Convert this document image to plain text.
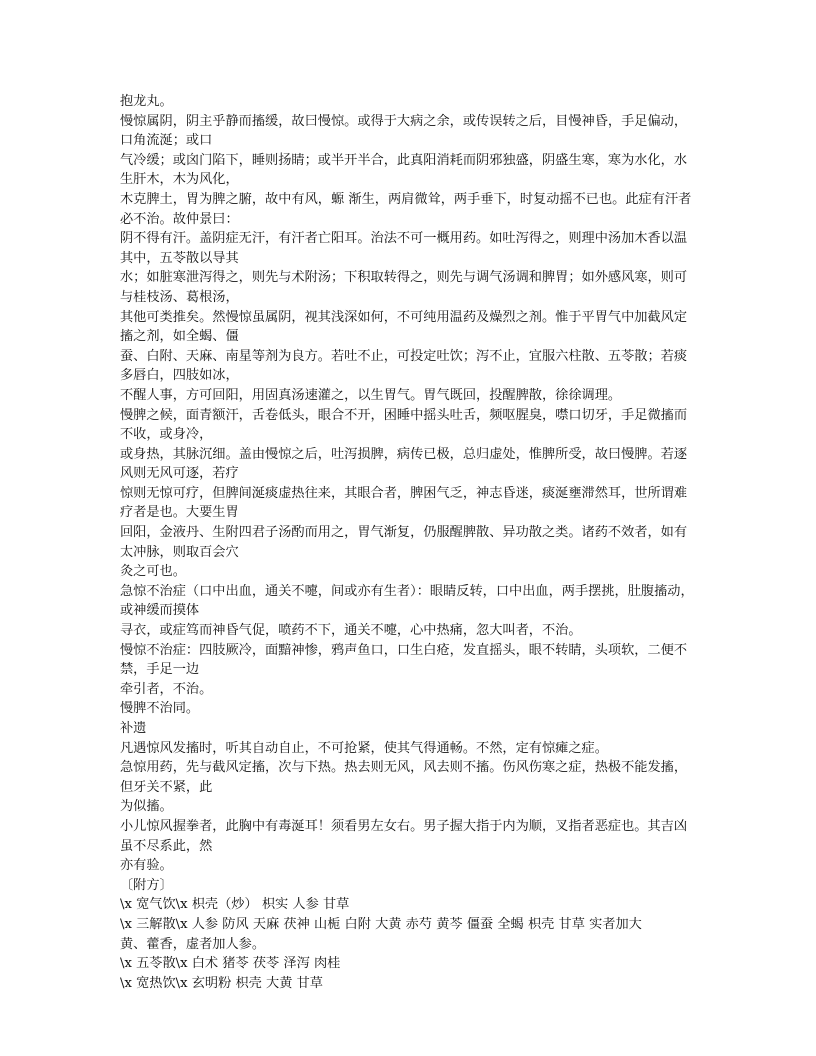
抱龙丸。

慢惊属阴，阴主乎静而搐缓，故曰慢惊。或得于大病之余，或传误转之后，目慢神昏，手足偏动，口角流涎；或口

气冷缓；或囟门陷下，睡则扬睛；或半开半合，此真阳消耗而阴邪独盛，阴盛生寒，寒为水化，水生肝木，木为风化，

木克脾土，胃为脾之腑，故中有风，螈 渐生，两肩微耸，两手垂下，时复动摇不已也。此症有汗者必不治。故仲景曰：

阴不得有汗。盖阴症无汗，有汗者亡阳耳。治法不可一概用药。如吐泻得之，则理中汤加木香以温其中，五苓散以导其

水；如脏寒泄泻得之，则先与术附汤；下积取转得之，则先与调气汤调和脾胃；如外感风寒，则可与桂枝汤、葛根汤，

其他可类推矣。然慢惊虽属阴，视其浅深如何，不可纯用温药及燥烈之剂。惟于平胃气中加截风定搐之剂，如全蝎、僵

蚕、白附、天麻、南星等剂为良方。若吐不止，可投定吐饮；泻不止，宜服六柱散、五苓散；若痰多唇白，四肢如冰，

不醒人事，方可回阳，用固真汤速灌之，以生胃气。胃气既回，投醒脾散，徐徐调理。

慢脾之候，面青额汗，舌卷低头，眼合不开，困睡中摇头吐舌，频呕腥臭，噤口切牙，手足微搐而不收，或身冷，

或身热，其脉沉细。盖由慢惊之后，吐泻损脾，病传已极，总归虚处，惟脾所受，故曰慢脾。若逐风则无风可逐，若疗

惊则无惊可疗，但脾间涎痰虚热往来，其眼合者，脾困气乏，神志昏迷，痰涎壅滞然耳，世所谓难疗者是也。大要生胃

回阳，金液丹、生附四君子汤酌而用之，胃气渐复，仍服醒脾散、异功散之类。诸药不效者，如有太冲脉，则取百会穴

灸之可也。

急惊不治症（口中出血，通关不嚏，间或亦有生者）：眼睛反转，口中出血，两手摆挑，肚腹搐动，或神缓而摸体

寻衣，或症笃而神昏气促，喷药不下，通关不嚏，心中热痛，忽大叫者，不治。

慢惊不治症：四肢厥冷，面黯神惨，鸦声鱼口，口生白疮，发直摇头，眼不转睛，头项软，二便不禁，手足一边

牵引者，不治。

慢脾不治同。

补遗

凡遇惊风发搐时，听其自动自止，不可抢紧，使其气得通畅。不然，定有惊瘫之症。

急惊用药，先与截风定搐，次与下热。热去则无风，风去则不搐。伤风伤寒之症，热极不能发搐，但牙关不紧，此

为似搐。

小儿惊风握拳者，此胸中有毒涎耳！须看男左女右。男子握大指于内为顺，叉指者恶症也。其吉凶虽不尽系此，然

亦有验。

〔附方〕

\x 宽气饮\x 枳壳（炒） 枳实 人参 甘草

\x 三解散\x 人参 防风 天麻 茯神 山栀 白附 大黄 赤芍 黄芩 僵蚕 全蝎 枳壳 甘草 实者加大

黄、藿香，虚者加人参。

\x 五苓散\x 白术 猪苓 茯苓 泽泻 肉桂

\x 宽热饮\x 玄明粉 枳壳 大黄 甘草
